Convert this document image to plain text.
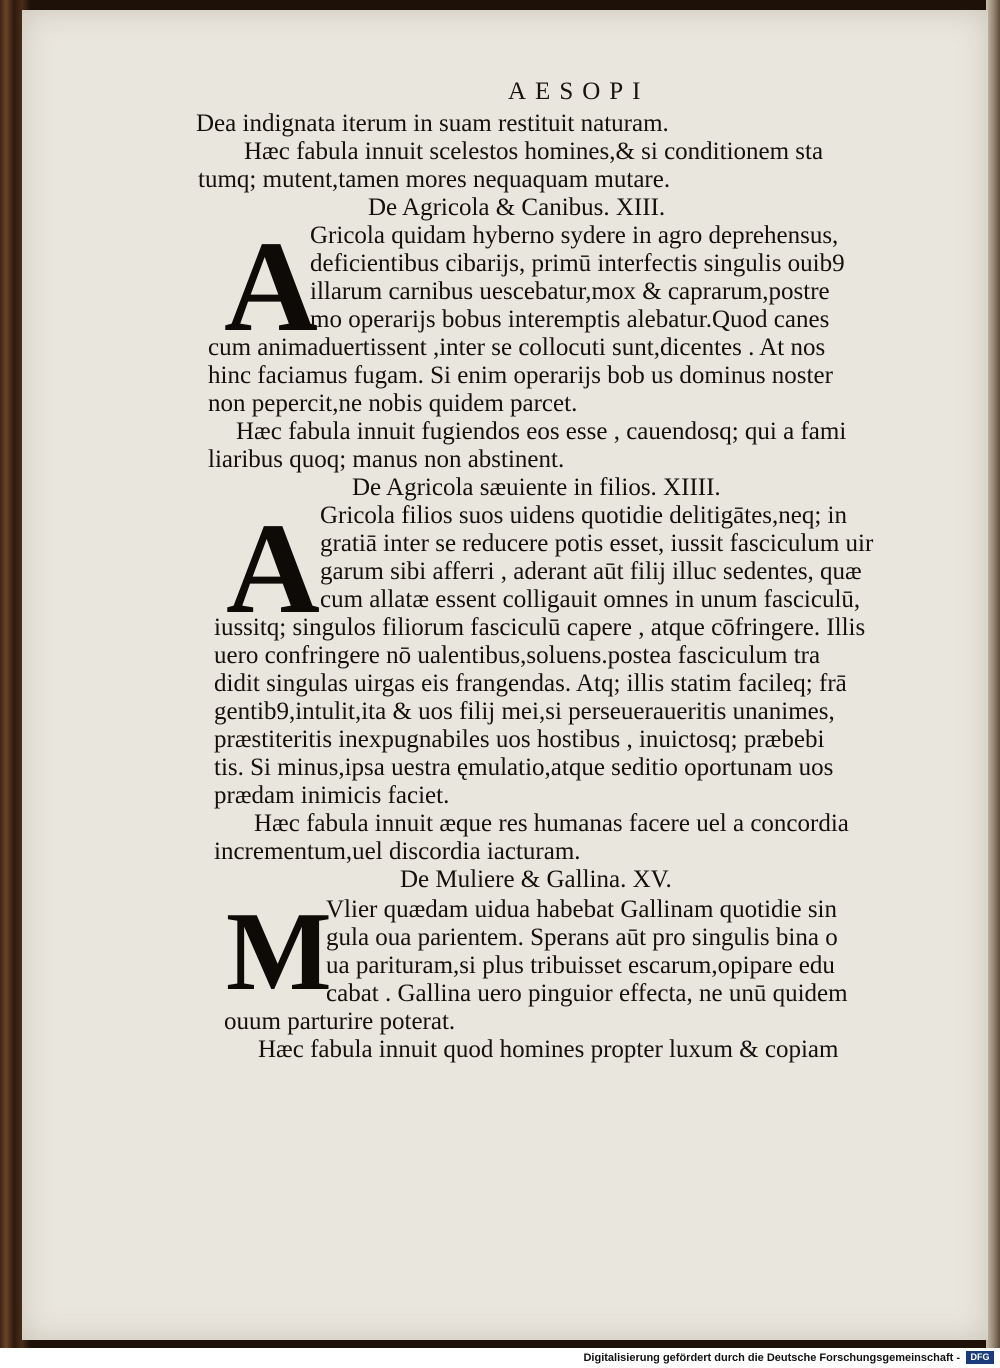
AESOPI
Dea indignata iterum in suam restituit naturam.
Hæc fabula innuit scelestos homines,& si conditionem sta
tumq; mutent,tamen mores nequaquam mutare.
De Agricola & Canibus. XIII.
A
Gricola quidam hyberno sydere in agro deprehensus,
deficientibus cibarijs, primū interfectis singulis ouib9
illarum carnibus uescebatur,mox & caprarum,postre
mo operarijs bobus interemptis alebatur.Quod canes
cum animaduertissent ,inter se collocuti sunt,dicentes . At nos
hinc faciamus fugam. Si enim operarijs bob us dominus noster
non pepercit,ne nobis quidem parcet.
Hæc fabula innuit fugiendos eos esse , cauendosq; qui a fami
liaribus quoq; manus non abstinent.
De Agricola sæuiente in filios. XIIII.
A Gricola filios suos uidens quotidie delitigātes,neq; in
gratiā inter se reducere potis esset, iussit fasciculum uir
garum sibi afferri , aderant aūt filij illuc sedentes, quæ
cum allatæ essent colligauit omnes in unum fasciculū,
iussitq; singulos filiorum fasciculū capere , atque cōfringere. Illis
uero confringere nō ualentibus,soluens.postea fasciculum tra
didit singulas uirgas eis frangendas. Atq; illis statim facileq; frā
gentib9,intulit,ita & uos filij mei,si perseueraueritis unanimes,
præstiteritis inexpugnabiles uos hostibus , inuictosq; præbebi
tis. Si minus,ipsa uestra ęmulatio,atque seditio oportunam uos
prædam inimicis faciet.
Hæc fabula innuit æque res humanas facere uel a concordia
incrementum,uel discordia iacturam.
De Muliere & Gallina. XV.
M
Vlier quædam uidua habebat Gallinam quotidie sin
gula oua parientem. Sperans aūt pro singulis bina o
ua parituram,si plus tribuisset escarum,opipare edu
cabat . Gallina uero pinguior effecta, ne unū quidem
ouum parturire poterat.
Hæc fabula innuit quod homines propter luxum & copiam
Digitalisierung gefördert durch die Deutsche Forschungsgemeinschaft -	DFG
